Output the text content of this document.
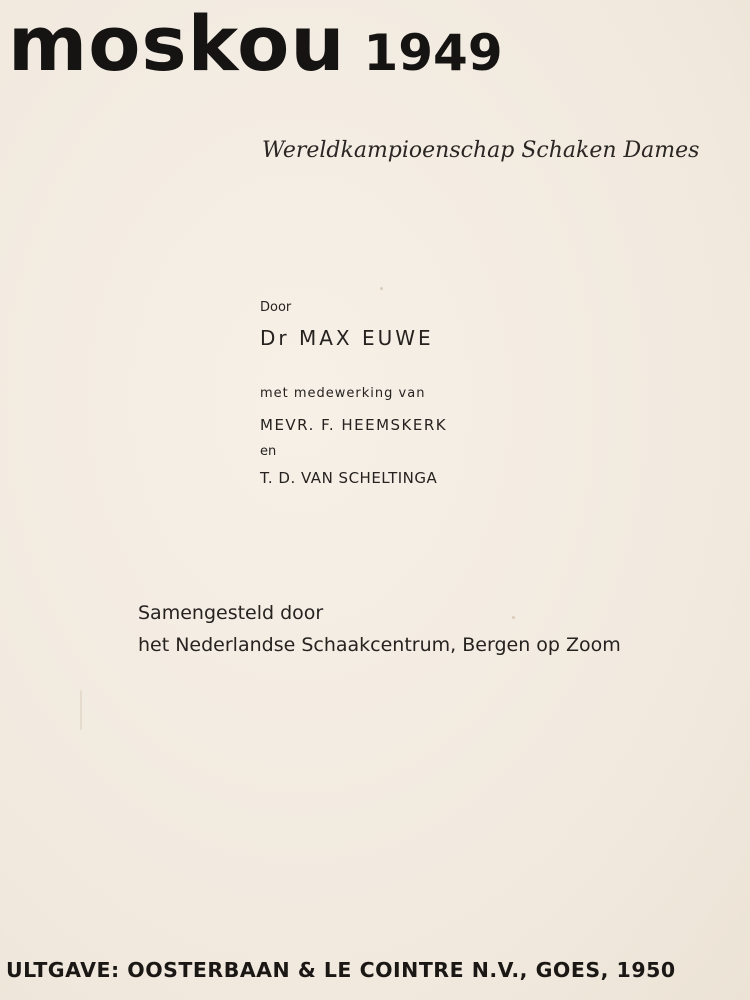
moskou 1949
Wereldkampioenschap Schaken Dames
Door
Dr MAX EUWE
met medewerking van
MEVR. F. HEEMSKERK
en
T. D. VAN SCHELTINGA
Samengesteld door
het Nederlandse Schaakcentrum, Bergen op Zoom
ULTGAVE: OOSTERBAAN & LE COINTRE N.V., GOES, 1950
